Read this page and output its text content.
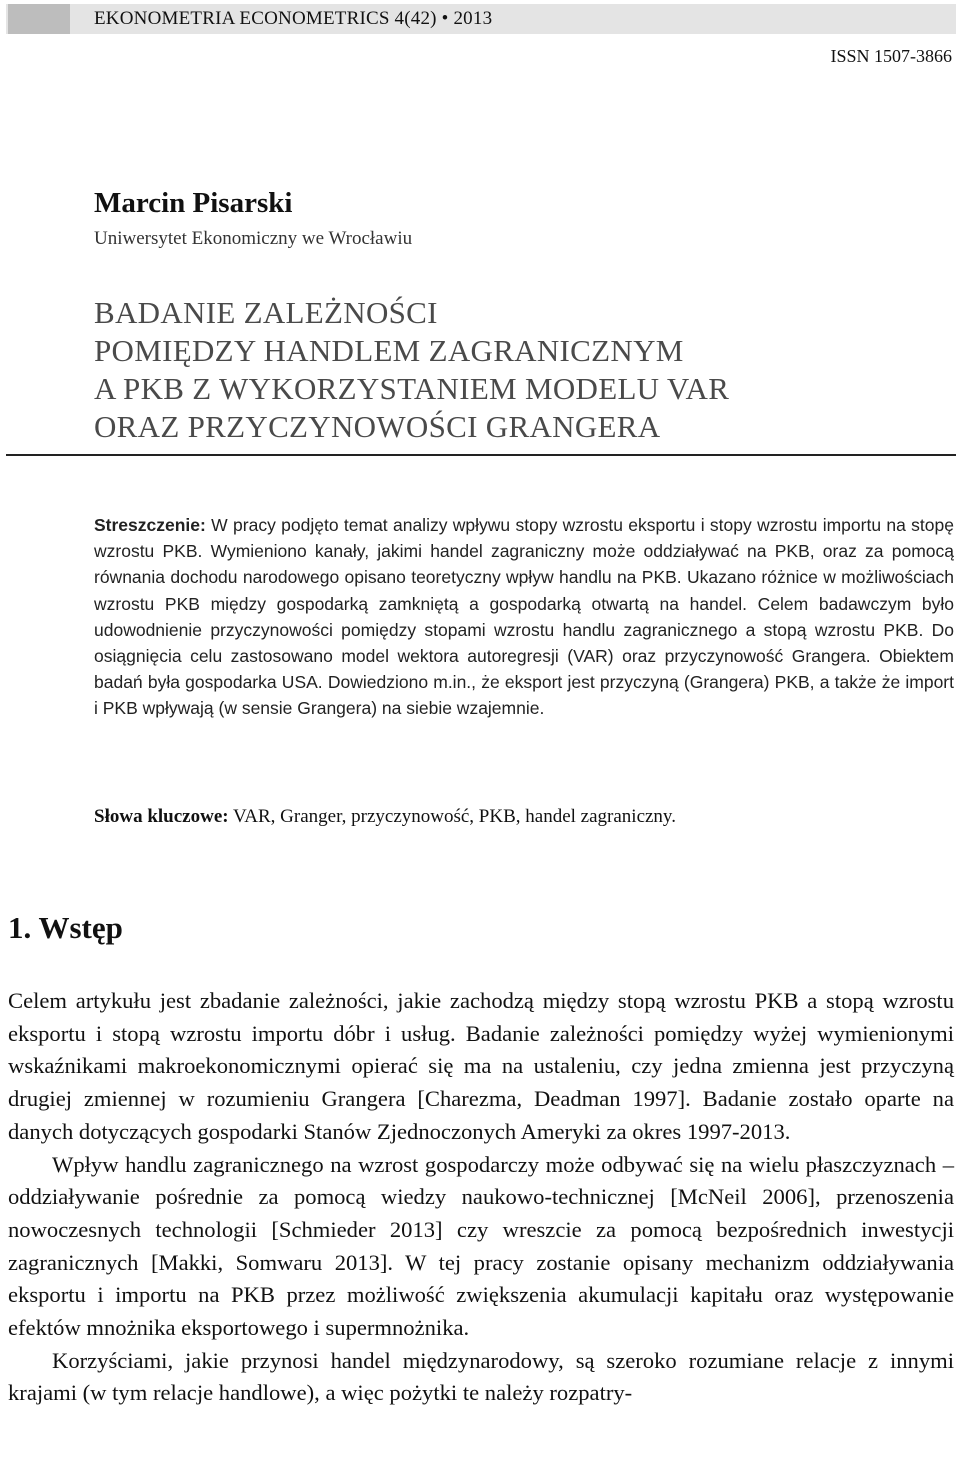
EKONOMETRIA ECONOMETRICS 4(42) • 2013
ISSN 1507-3866
Marcin Pisarski
Uniwersytet Ekonomiczny we Wrocławiu
BADANIE ZALEŻNOŚCI
POMIĘDZY HANDLEM ZAGRANICZNYM
A PKB Z WYKORZYSTANIEM MODELU VAR
ORAZ PRZYCZYNOWOŚCI GRANGERA

Streszczenie: W pracy podjęto temat analizy wpływu stopy wzrostu eksportu i stopy wzrostu importu na stopę wzrostu PKB. Wymieniono kanały, jakimi handel zagraniczny może oddziaływać na PKB, oraz za pomocą równania dochodu narodowego opisano teoretyczny wpływ handlu na PKB. Ukazano różnice w możliwościach wzrostu PKB między gospodarką zamkniętą a gospodarką otwartą na handel. Celem badawczym było udowodnienie przyczynowości pomiędzy stopami wzrostu handlu zagranicznego a stopą wzrostu PKB. Do osiągnięcia celu zastosowano model wektora autoregresji (VAR) oraz przyczynowość Grangera. Obiektem badań była gospodarka USA. Dowiedziono m.in., że eksport jest przyczyną (Grangera) PKB, a także że import i PKB wpływają (w sensie Grangera) na siebie wzajemnie.

Słowa kluczowe: VAR, Granger, przyczynowość, PKB, handel zagraniczny.

1. Wstęp

Celem artykułu jest zbadanie zależności, jakie zachodzą między stopą wzrostu PKB a stopą wzrostu eksportu i stopą wzrostu importu dóbr i usług. Badanie zależności pomiędzy wyżej wymienionymi wskaźnikami makroekonomicznymi opierać się ma na ustaleniu, czy jedna zmienna jest przyczyną drugiej zmiennej w rozumieniu Grangera [Charezma, Deadman 1997]. Badanie zostało oparte na danych dotyczących gospodarki Stanów Zjednoczonych Ameryki za okres 1997-2013.

Wpływ handlu zagranicznego na wzrost gospodarczy może odbywać się na wielu płaszczyznach – oddziaływanie pośrednie za pomocą wiedzy naukowo-technicznej [McNeil 2006], przenoszenia nowoczesnych technologii [Schmieder 2013] czy wreszcie za pomocą bezpośrednich inwestycji zagranicznych [Makki, Somwaru 2013]. W tej pracy zostanie opisany mechanizm oddziaływania eksportu i importu na PKB przez możliwość zwiększenia akumulacji kapitału oraz występowanie efektów mnożnika eksportowego i supermnożnika.

Korzyściami, jakie przynosi handel międzynarodowy, są szeroko rozumiane relacje z innymi krajami (w tym relacje handlowe), a więc pożytki te należy rozpatry-
